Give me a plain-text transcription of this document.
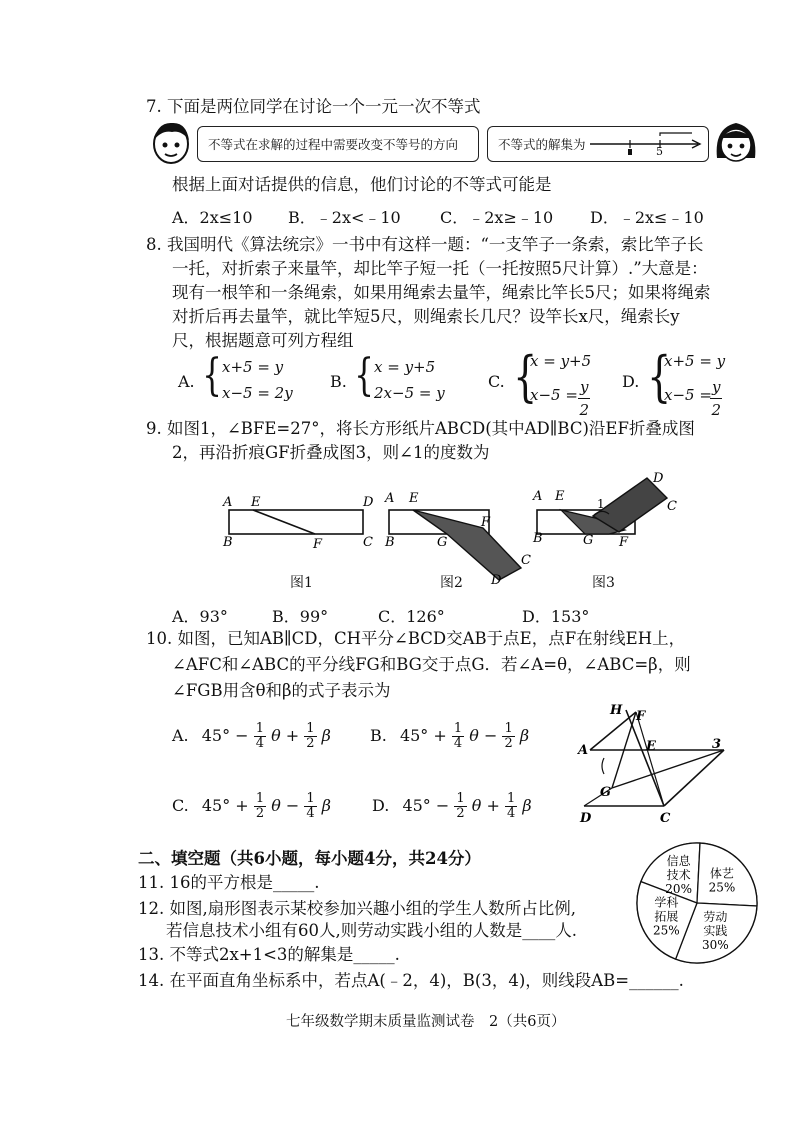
7. 下面是两位同学在讨论一个一元一次不等式
不等式在求解的过程中需要改变不等号的方向	不等式的解集为	5
根据上面对话提供的信息，他们讨论的不等式可能是
A．2x≤10 B．﹣2x<﹣10 C．﹣2x≥﹣10 D．﹣2x≤﹣10
8. 我国明代《算法统宗》一书中有这样一题：“一支竿子一条索，索比竿子长
一托，对折索子来量竿，却比竿子短一托（一托按照5尺计算）.”大意是：
现有一根竿和一条绳索，如果用绳索去量竿，绳索比竿长5尺；如果将绳索
对折后再去量竿，就比竿短5尺，则绳索长几尺？设竿长x尺，绳索长y
尺，根据题意可列方程组
A. { x+5 = y
x−5 = 2y
B. { x = y+5
2x−5 = y
C. {
x = y+5
$x-5 = \frac{y}{2} D$. {
x+5 = y
x−5 =
$\frac{y}{2}$
9. 如图1，∠BFE=27°，将长方形纸片ABCD(其中AD∥BC)沿EF折叠成图
2，再沿折痕GF折叠成图3，则∠1的度数为
A E	D
B	F	C
A E
F
B	G
C
D
A E	1
D
C
B	G F
图1	图2	图3
A．93°	B．99°	C．126°	D．153°
10. 如图，已知AB∥CD，CH平分∠BCD交AB于点E，点F在射线EH上，
∠AFC和∠ABC的平分线FG和BG交于点G．若∠A=θ，∠ABC=β，则
∠FGB用含θ和β的式子表示为
A. $45^\circ - \frac{1}{4}$ $\theta + \frac{1}{2}$ β B. $45^\circ + \frac{1}{4}$ $\theta - \frac{1}{2}$ β
C. $45^\circ + \frac{1}{2}$ $\theta - \frac{1}{4}$ β	D. $45^\circ - \frac{1}{2}$ $\theta + \frac{1}{4}$ β
H F
A	E	3
G
D	C
二、填空题（共6小题，每小题4分，共24分）
11. 16的平方根是_____.
12. 如图,扇形图表示某校参加兴趣小组的学生人数所占比例,
若信息技术小组有60人,则劳动实践小组的人数是____人.
13. 不等式2x+1<3的解集是_____.
14. 在平面直角坐标系中，若点A(﹣2，4)，B(3，4)，则线段AB=______.
信息
技术
20%
体艺
25%
劳动
实践
30%
学科
拓展
25%
七年级数学期末质量监测试卷　2（共6页）
